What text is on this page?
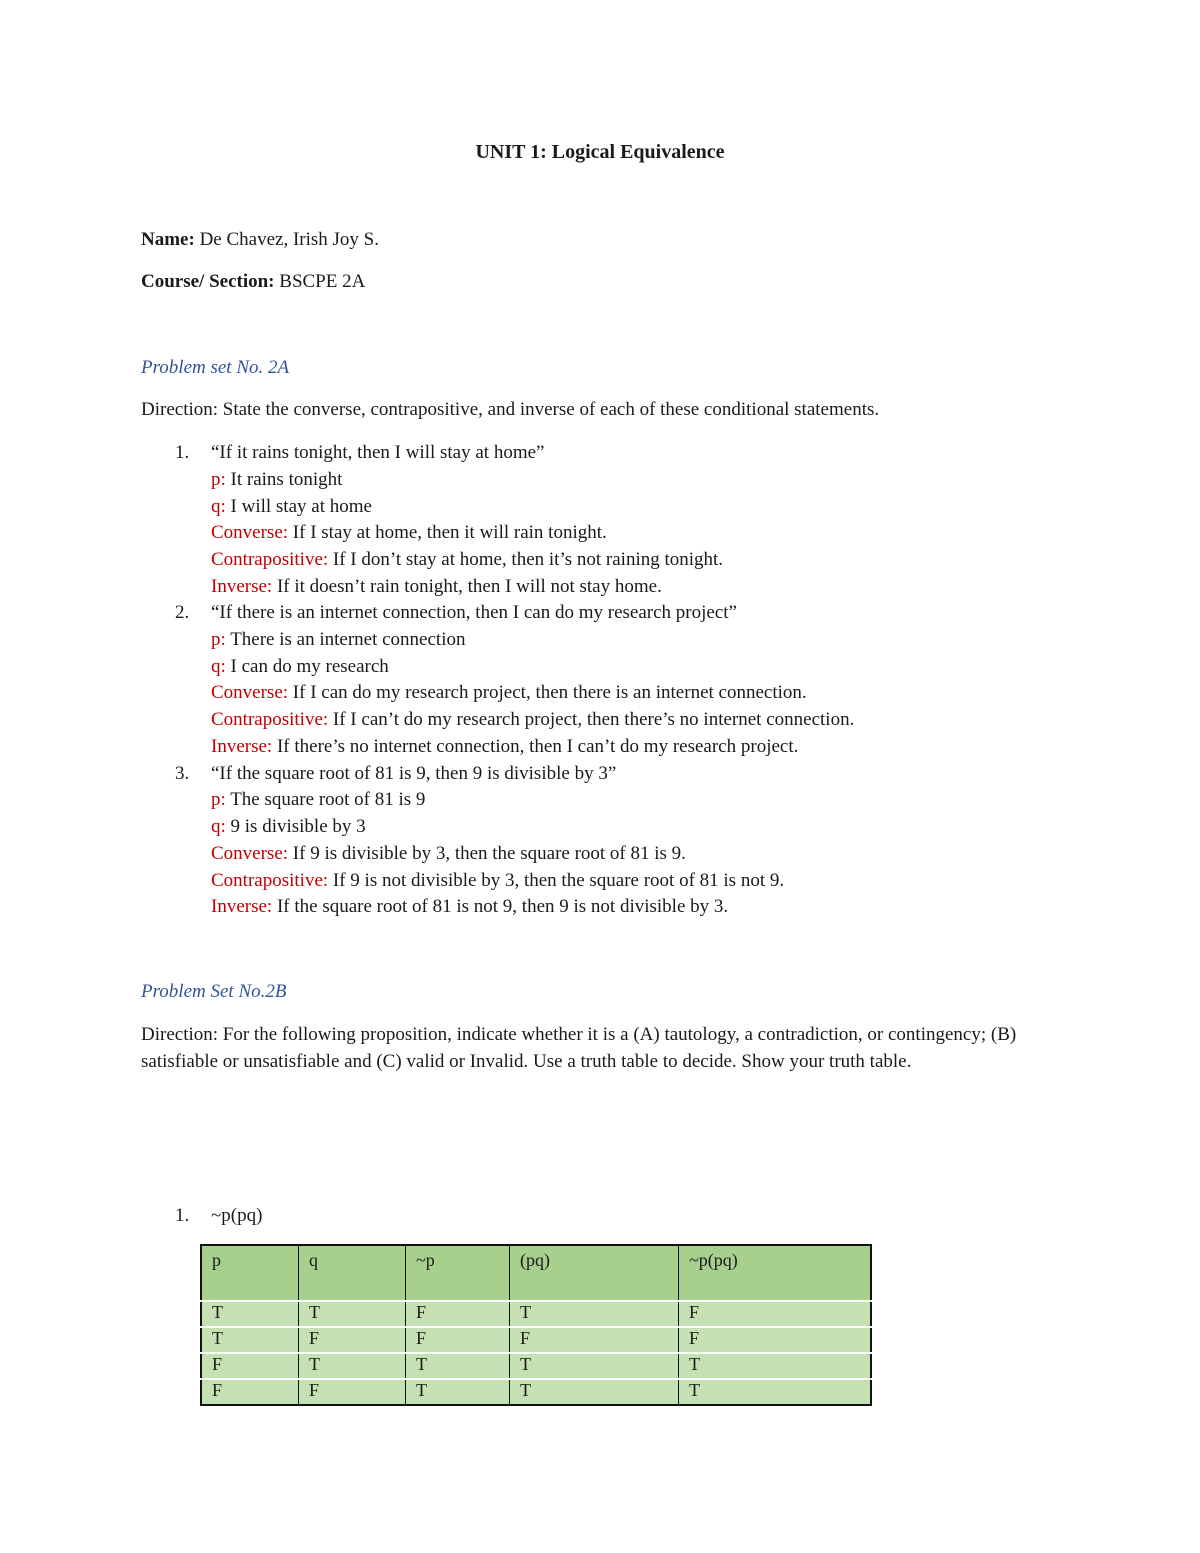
UNIT 1: Logical Equivalence
Name: De Chavez, Irish Joy S.
Course/ Section: BSCPE 2A
Problem set No. 2A
Direction: State the converse, contrapositive, and inverse of each of these conditional statements.
1. “If it rains tonight, then I will stay at home”
p: It rains tonight
q: I will stay at home
Converse: If I stay at home, then it will rain tonight.
Contrapositive: If I don’t stay at home, then it’s not raining tonight.
Inverse: If it doesn’t rain tonight, then I will not stay home.
2. “If there is an internet connection, then I can do my research project”
p: There is an internet connection
q: I can do my research
Converse: If I can do my research project, then there is an internet connection.
Contrapositive: If I can’t do my research project, then there’s no internet connection.
Inverse: If there’s no internet connection, then I can’t do my research project.
3. “If the square root of 81 is 9, then 9 is divisible by 3”
p: The square root of 81 is 9
q: 9 is divisible by 3
Converse: If 9 is divisible by 3, then the square root of 81 is 9.
Contrapositive: If 9 is not divisible by 3, then the square root of 81 is not 9.
Inverse: If the square root of 81 is not 9, then 9 is not divisible by 3.
Problem Set No.2B
Direction: For the following proposition, indicate whether it is a (A) tautology, a contradiction, or contingency; (B) satisfiable or unsatisfiable and (C) valid or Invalid. Use a truth table to decide. Show your truth table.
1. ~p(pq)
p	q	~p	(pq)	~p(pq)
T	T	F	T	F
T	F	F	F	F
F	T	T	T	T
F	F	T	T	T
